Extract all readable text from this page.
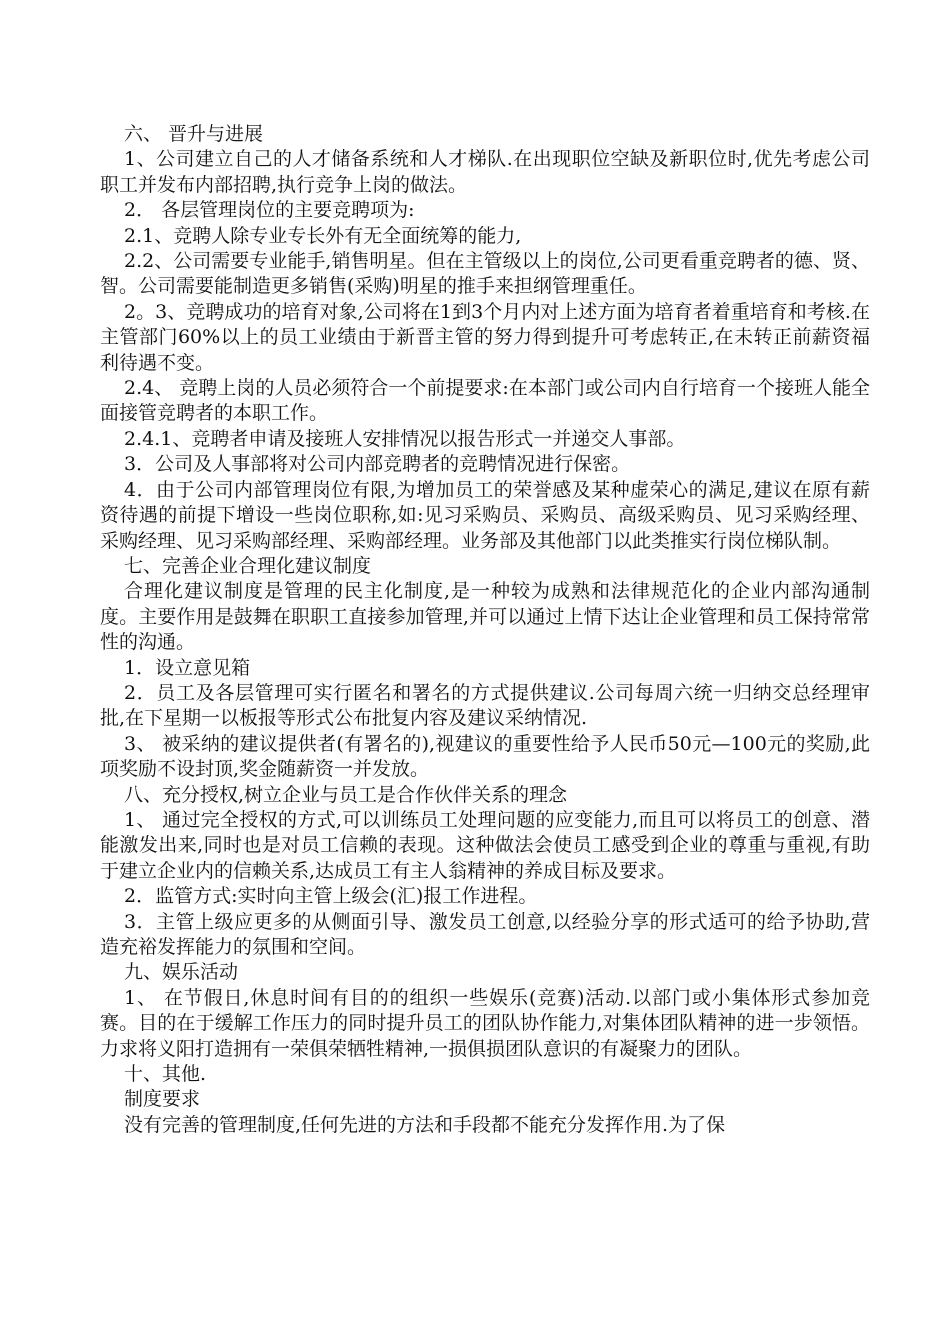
六、 晋升与进展

1、公司建立自己的人才储备系统和人才梯队.在出现职位空缺及新职位时,优先考虑公司职工并发布内部招聘,执行竞争上岗的做法。

2． 各层管理岗位的主要竞聘项为:

2.1、竞聘人除专业专长外有无全面统筹的能力,

2.2、公司需要专业能手,销售明星。但在主管级以上的岗位,公司更看重竞聘者的德、贤、智。公司需要能制造更多销售(采购)明星的推手来担纲管理重任。

2。3、竞聘成功的培育对象,公司将在1到3个月内对上述方面为培育者着重培育和考核.在主管部门60%以上的员工业绩由于新晋主管的努力得到提升可考虑转正,在未转正前薪资福利待遇不变。

2.4、 竞聘上岗的人员必须符合一个前提要求:在本部门或公司内自行培育一个接班人能全面接管竞聘者的本职工作。

2.4.1、竞聘者申请及接班人安排情况以报告形式一并递交人事部。

3．公司及人事部将对公司内部竞聘者的竞聘情况进行保密。

4．由于公司内部管理岗位有限,为增加员工的荣誉感及某种虚荣心的满足,建议在原有薪资待遇的前提下增设一些岗位职称,如:见习采购员、采购员、高级采购员、见习采购经理、采购经理、见习采购部经理、采购部经理。业务部及其他部门以此类推实行岗位梯队制。

七、完善企业合理化建议制度

合理化建议制度是管理的民主化制度,是一种较为成熟和法律规范化的企业内部沟通制度。主要作用是鼓舞在职职工直接参加管理,并可以通过上情下达让企业管理和员工保持常常性的沟通。

1．设立意见箱

2．员工及各层管理可实行匿名和署名的方式提供建议.公司每周六统一归纳交总经理审批,在下星期一以板报等形式公布批复内容及建议采纳情况.

3、 被采纳的建议提供者(有署名的),视建议的重要性给予人民币50元—100元的奖励,此项奖励不设封顶,奖金随薪资一并发放。

八、充分授权,树立企业与员工是合作伙伴关系的理念

1、 通过完全授权的方式,可以训练员工处理问题的应变能力,而且可以将员工的创意、潜能激发出来,同时也是对员工信赖的表现。这种做法会使员工感受到企业的尊重与重视,有助于建立企业内的信赖关系,达成员工有主人翁精神的养成目标及要求。

2．监管方式:实时向主管上级会(汇)报工作进程。

3．主管上级应更多的从侧面引导、激发员工创意,以经验分享的形式适可的给予协助,营造充裕发挥能力的氛围和空间。

九、娱乐活动

1、 在节假日,休息时间有目的的组织一些娱乐(竞赛)活动.以部门或小集体形式参加竞赛。目的在于缓解工作压力的同时提升员工的团队协作能力,对集体团队精神的进一步领悟。力求将义阳打造拥有一荣俱荣牺牲精神,一损俱损团队意识的有凝聚力的团队。

十、其他.

制度要求

没有完善的管理制度,任何先进的方法和手段都不能充分发挥作用.为了保
